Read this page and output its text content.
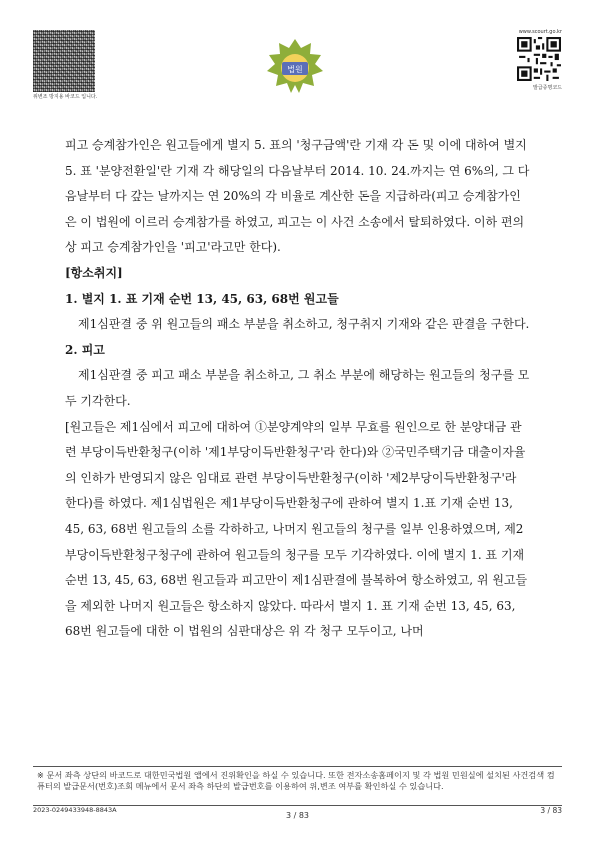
위변조 방지용 바코드 입니다.
법원
www.scourt.go.kr
발급증명코드

피고 승계참가인은 원고들에게 별지 5. 표의 '청구금액'란 기재 각 돈 및 이에 대하여 별지 5. 표 '분양전환일'란 기재 각 해당일의 다음날부터 2014. 10. 24.까지는 연 6%의, 그 다음날부터 다 갚는 날까지는 연 20%의 각 비율로 계산한 돈을 지급하라(피고 승계참가인은 이 법원에 이르러 승계참가를 하였고, 피고는 이 사건 소송에서 탈퇴하였다. 이하 편의상 피고 승계참가인을 '피고'라고만 한다).

[항소취지]

1. 별지 1. 표 기재 순번 13, 45, 63, 68번 원고들

제1심판결 중 위 원고들의 패소 부분을 취소하고, 청구취지 기재와 같은 판결을 구한다.

2. 피고

제1심판결 중 피고 패소 부분을 취소하고, 그 취소 부분에 해당하는 원고들의 청구를 모두 기각한다.

[원고들은 제1심에서 피고에 대하여 ①분양계약의 일부 무효를 원인으로 한 분양대금 관련 부당이득반환청구(이하 '제1부당이득반환청구'라 한다)와 ②국민주택기금 대출이자율의 인하가 반영되지 않은 임대료 관련 부당이득반환청구(이하 '제2부당이득반환청구'라 한다)를 하였다. 제1심법원은 제1부당이득반환청구에 관하여 별지 1.표 기재 순번 13, 45, 63, 68번 원고들의 소를 각하하고, 나머지 원고들의 청구를 일부 인용하였으며, 제2부당이득반환청구청구에 관하여 원고들의 청구를 모두 기각하였다. 이에 별지 1. 표 기재 순번 13, 45, 63, 68번 원고들과 피고만이 제1심판결에 불복하여 항소하였고, 위 원고들을 제외한 나머지 원고들은 항소하지 않았다. 따라서 별지 1. 표 기재 순번 13, 45, 63, 68번 원고들에 대한 이 법원의 심판대상은 위 각 청구 모두이고, 나머

※ 문서 좌측 상단의 바코드로 대한민국법원 앱에서 진위확인을 하실 수 있습니다. 또한 전자소송홈페이지 및 각 법원 민원실에 설치된 사건검색 컴퓨터의 발급문서(번호)조회 메뉴에서 문서 좌측 하단의 발급번호를 이용하여 위,변조 여부를 확인하실 수 있습니다.
2023-0249433948-8843A
3 / 83
3 / 83
